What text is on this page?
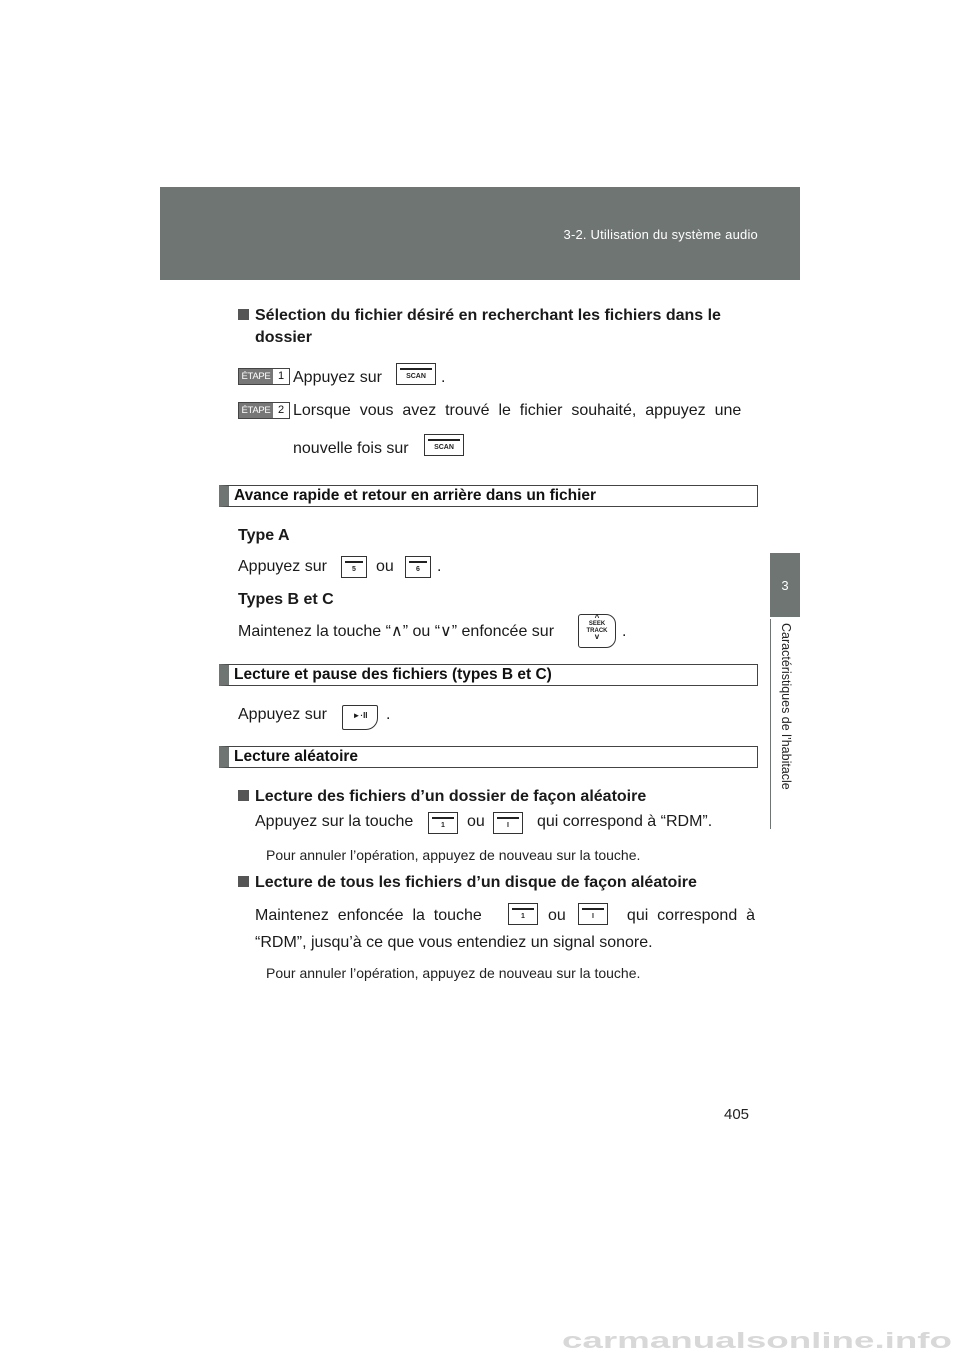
3-2. Utilisation du système audio
3
Caractéristiques de l’habitacle
Sélection du fichier désiré en recherchant les fichiers dans le
dossier
ÉTAPE 1 Appuyez sur	SCAN .
ÉTAPE 2 Lorsque  vous  avez  trouvé  le  fichier  souhaité,  appuyez  une
nouvelle fois sur	SCAN
Avance rapide et retour en arrière dans un fichier
Type A
Appuyez sur	5	ou	6	.
Types B et C
Maintenez la touche “∧” ou “∨” enfoncée sur
^
SEEK
TRACK
v	.
Lecture et pause des fichiers (types B et C)
Appuyez sur	►·II	.
Lecture aléatoire
Lecture des fichiers d’un dossier de façon aléatoire
Appuyez sur la touche	1	ou	I	qui correspond à “RDM”.
Pour annuler l’opération, appuyez de nouveau sur la touche.
Lecture de tous les fichiers d’un disque de façon aléatoire
Maintenez  enfoncée  la  touche	1	ou	I	qui  correspond  à
“RDM”, jusqu’à ce que vous entendiez un signal sonore.
Pour annuler l’opération, appuyez de nouveau sur la touche.
405
carmanualsonline.info
